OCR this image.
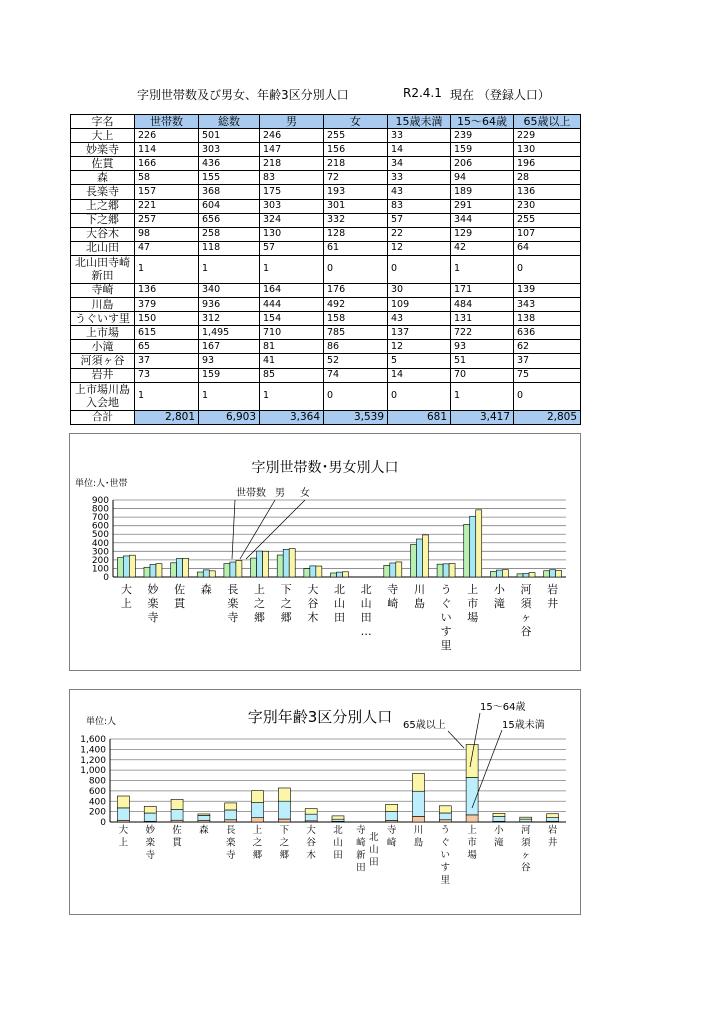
字別世帯数及び男女、年齢3区分別人口	R2.4.1 現在 （登録人口）
字名	世帯数	総数	男	女	15歳未満	15～64歳	65歳以上
大上	226	501	246	255	33	239	229
妙楽寺	114	303	147	156	14	159	130
佐貫	166	436	218	218	34	206	196
森	58	155	83	72	33	94	28
長楽寺	157	368	175	193	43	189	136
上之郷	221	604	303	301	83	291	230
下之郷	257	656	324	332	57	344	255
大谷木	98	258	130	128	22	129	107
北山田	47	118	57	61	12	42	64
北山田寺崎新田	1	1	1	0	0	1	0
寺崎	136	340	164	176	30	171	139
川島	379	936	444	492	109	484	343
うぐいす里	150	312	154	158	43	131	138
上市場	615	1,495	710	785	137	722	636
小滝	65	167	81	86	12	93	62
河須ヶ谷	37	93	41	52	5	51	37
岩井	73	159	85	74	14	70	75
上市場川島入会地	1	1	1	0	0	1	0
合計	2,801	6,903	3,364	3,539	681	3,417	2,805
字別世帯数･男女別人口
単位:人･世帯
0
100
200
300
400
500
600
700
800
900
大上
妙楽寺
佐貫
森 長楽寺
上之郷
下之郷
大谷木
北山田
北山田…
寺崎
川島
うぐいす里
上市場
小滝
河須ヶ谷
岩井
世帯数 男 女
字別年齢3区分別人口
単位:人
0
200
400
600
800
1,000
1,200
1,400
1,600
大上
妙楽寺
佐貫
森 長楽寺
上之郷
下之郷
大谷木
北山田
寺崎新田
北山田
寺崎
川島
うぐいす里
上市場
小滝
河須ヶ谷
岩井
15～64歳
15歳未満
65歳以上
